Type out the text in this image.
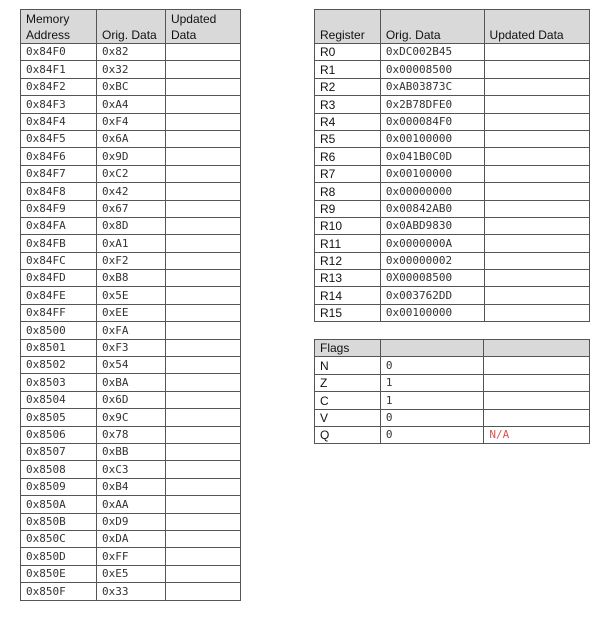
Memory Address	Orig. Data	Updated Data
0x84F0	0x82	
0x84F1	0x32	
0x84F2	0xBC	
0x84F3	0xA4	
0x84F4	0xF4	
0x84F5	0x6A	
0x84F6	0x9D	
0x84F7	0xC2	
0x84F8	0x42	
0x84F9	0x67	
0x84FA	0x8D	
0x84FB	0xA1	
0x84FC	0xF2	
0x84FD	0xB8	
0x84FE	0x5E	
0x84FF	0xEE	
0x8500	0xFA	
0x8501	0xF3	
0x8502	0x54	
0x8503	0xBA	
0x8504	0x6D	
0x8505	0x9C	
0x8506	0x78	
0x8507	0xBB	
0x8508	0xC3	
0x8509	0xB4	
0x850A	0xAA	
0x850B	0xD9	
0x850C	0xDA	
0x850D	0xFF	
0x850E	0xE5	
0x850F	0x33	
Register	Orig. Data	Updated Data
R0	0xDC002B45	
R1	0x00008500	
R2	0xAB03873C	
R3	0x2B78DFE0	
R4	0x000084F0	
R5	0x00100000	
R6	0x041B0C0D	
R7	0x00100000	
R8	0x00000000	
R9	0x00842AB0	
R10	0x0ABD9830	
R11	0x0000000A	
R12	0x00000002	
R13	0X00008500	
R14	0x003762DD	
R15	0x00100000	
Flags		
N	0	
Z	1	
C	1	
V	0	
Q	0	N/A
